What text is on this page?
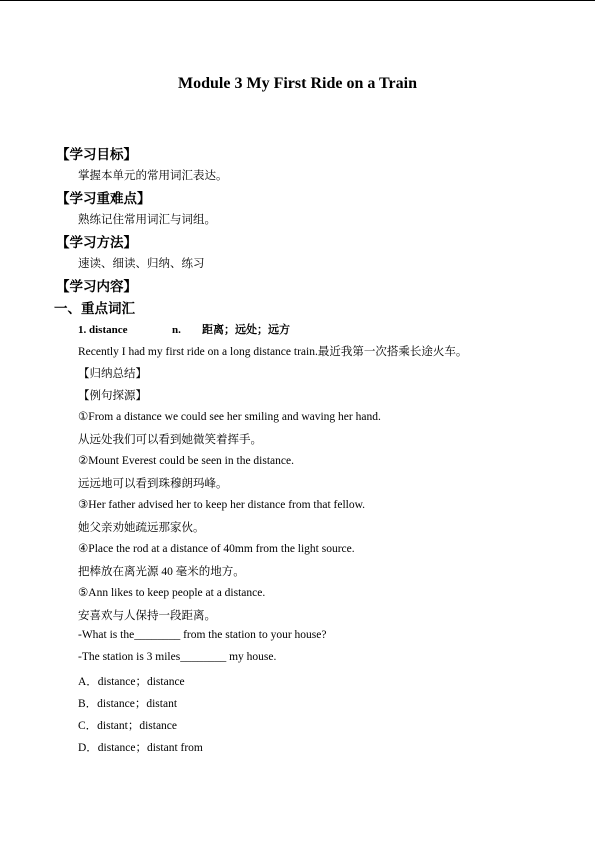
Module 3 My First Ride on a Train
【学习目标】
掌握本单元的常用词汇表达。
【学习重难点】
熟练记住常用词汇与词组。
【学习方法】
速读、细读、归纳、练习
【学习内容】
一、重点词汇
1. distance	n. 距离；远处；远方
Recently I had my first ride on a long distance train.最近我第一次搭乘长途火车。
【归纳总结】
【例句探源】
①From a distance we could see her smiling and waving her hand.
从远处我们可以看到她微笑着挥手。
②Mount Everest could be seen in the distance.
远远地可以看到珠穆朗玛峰。
③Her father advised her to keep her distance from that fellow.
她父亲劝她疏远那家伙。
④Place the rod at a distance of 40mm from the light source.
把棒放在离光源 40 毫米的地方。
⑤Ann likes to keep people at a distance.
安喜欢与人保持一段距离。
-What is the________ from the station to your house?
-The station is 3 miles________ my house.
A．distance；distance
B．distance；distant
C．distant；distance
D．distance；distant from
